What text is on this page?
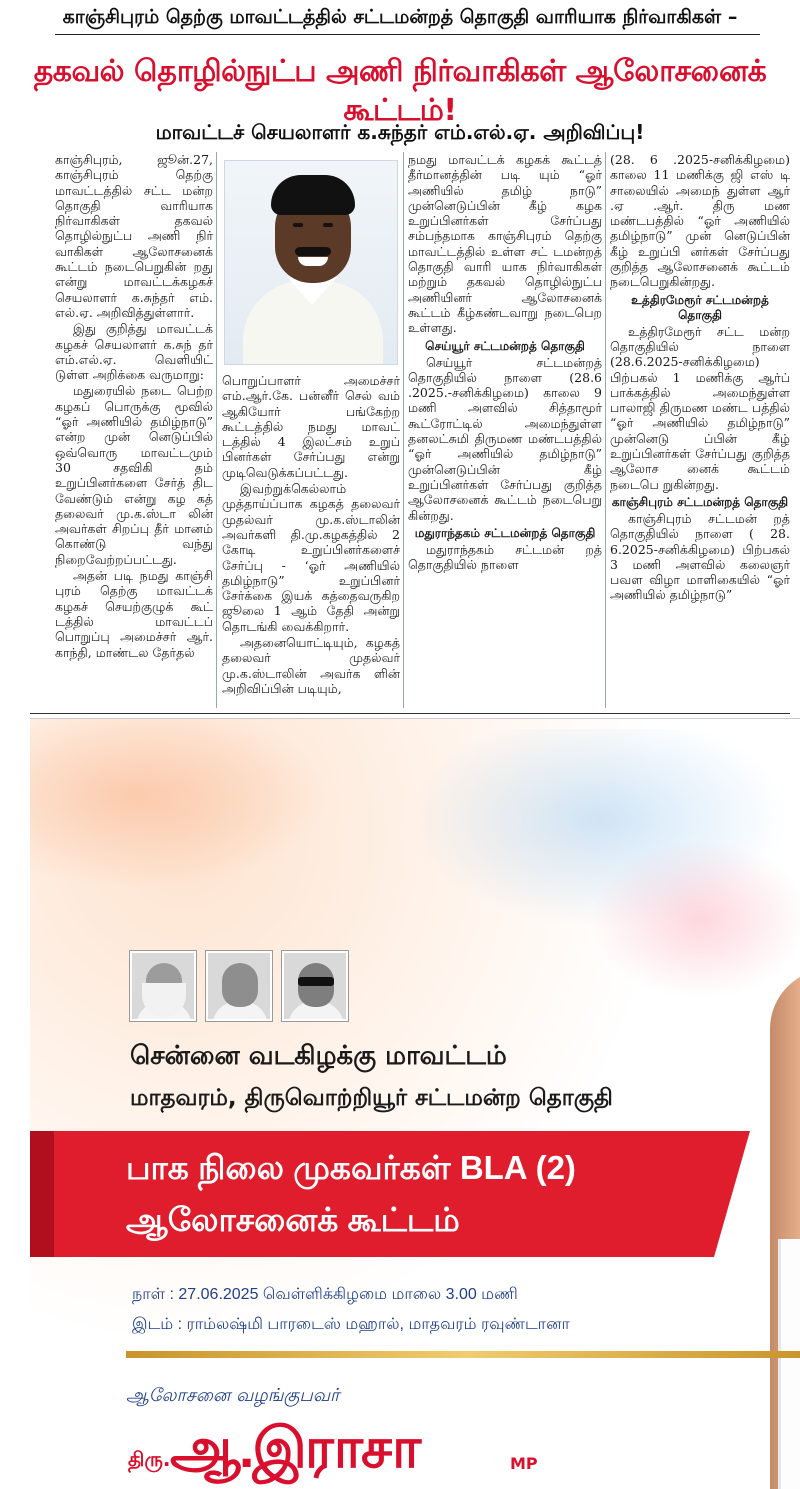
காஞ்சிபுரம் தெற்கு மாவட்டத்தில் சட்டமன்றத் தொகுதி வாரியாக நிர்வாகிகள் –
தகவல் தொழில்நுட்ப அணி நிர்வாகிகள் ஆலோசனைக் கூட்டம்!
மாவட்டச் செயலாளர் க.சுந்தர் எம்.எல்.ஏ. அறிவிப்பு!

காஞ்சிபுரம், ஜூன்.27, காஞ்சிபுரம் தெற்கு மாவட்டத்தில் சட்ட மன்ற தொகுதி வாரியாக நிர்வாகிகள் தகவல் தொழில்நுட்ப அணி நிர் வாகிகள் ஆலோசனைக் கூட்டம் நடைபெறுகின் றது என்று மாவட்டக்கழகச் செயலாளர் க.சுந்தர் எம். எல்.ஏ. அறிவித்துள்ளார்.

இது குறித்து மாவட்டக் கழகச் செயலாளர் க.சுந் தர் எம்.எல்.ஏ. வெளியிட் டுள்ள அறிக்கை வருமாறு:

மதுரையில் நடை பெற்ற கழகப் பொருக்கு மூவில் “ஓர் அணியில் தமிழ்நாடு” என்ற முன் னெடுப்பில் ஒவ்வொரு மாவட்டமும் 30 சதவிகி தம் உறுப்பினர்களை சேர்த் திட வேண்டும் என்று கழ கத் தலைவர் மு.க.ஸ்டா லின் அவர்கள் சிறப்பு தீர் மானம் கொண்டு வந்து நிறைவேற்றப்பட்டது.

அதன் படி நமது காஞ்சி புரம் தெற்கு மாவட்டக் கழகச் செயற்குழுக் கூட் டத்தில் மாவட்டப் பொறுப்பு அமைச்சர் ஆர். காந்தி, மாண்டல தேர்தல்

பொறுப்பாளர் அமைச்சர் எம்.ஆர்.கே. பன்னீர் செல் வம் ஆகியோர் பங்கேற்ற கூட்டத்தில் நமது மாவட் டத்தில் 4 இலட்சம் உறுப் பினர்கள் சேர்ப்பது என்று முடிவெடுக்கப்பட்டது.

இவற்றுக்கெல்லாம் முத்தாய்ப்பாக கழகத் தலைவர் முதல்வர் மு.க.ஸ்டாலின் அவர்களி தி.மு.கழகத்தில் 2 கோடி உறுப்பினர்களைச் சேர்ப்பு - ‘ஓர் அணியில் தமிழ்நாடு” உறுப்பினர் சேர்க்கை இயக் கத்தைவருகிற ஜூலை 1 ஆம் தேதி அன்று தொடங்கி வைக்கிறார்.

அதனையொட்டியும், கழகத் தலைவர் முதல்வர் மு.க.ஸ்டாலின் அவர்க ளின் அறிவிப்பின் படியும்,

நமது மாவட்டக் கழகக் கூட்டத் தீர்மானத்தின் படி யும் “ஓர் அணியில் தமிழ் நாடு” முன்னெடுப்பின் கீழ் கழக உறுப்பினர்கள் சேர்ப்பது சம்பந்தமாக காஞ்சிபுரம் தெற்கு மாவட்டத்தில் உள்ள சட் டமன்றத் தொகுதி வாரி யாக நிர்வாகிகள் மற்றும் தகவல் தொழில்நுட்ப அணியினர் ஆலோசனைக் கூட்டம் கீழ்கண்டவாறு நடைபெற உள்ளது.

செய்யூர் சட்டமன்றத் தொகுதி

செய்யூர் சட்டமன்றத் தொகுதியில் நாளை (28.6 .2025.-சனிக்கிழமை) காலை 9 மணி அளவில் சித்தாமூர் கூட்ரோட்டில் அமைந்துள்ள தனலட்சுமி திருமண மண்டபத்தில் “ஓர் அணியில் தமிழ்நாடு” முன்னெடுப்பின் கீழ் உறுப்பினர்கள் சேர்ப்பது குறித்த ஆலோசனைக் கூட்டம் நடைபெறு கின்றது.

மதுராந்தகம் சட்டமன்றத் தொகுதி

மதுராந்தகம் சட்டமன் றத் தொகுதியில் நாளை

(28. 6 .2025-சனிக்கிழமை) காலை 11 மணிக்கு ஜி எஸ் டி சாலையில் அமைந் துள்ள ஆர் .ஏ .ஆர். திரு மண மண்டபத்தில் “ஓர் அணியில் தமிழ்நாடு” முன் னெடுப்பின் கீழ் உறுப்பி னர்கள் சேர்ப்பது குறித்த ஆலோசனைக் கூட்டம் நடைபெறுகின்றது.

உத்திரமேரூர் சட்டமன்றத் தொகுதி

உத்திரமேரூர் சட்ட மன்ற தொகுதியில் நாளை (28.6.2025-சனிக்கிழமை) பிற்பகல் 1 மணிக்கு ஆர்ப் பாக்கத்தில் அமைந்துள்ள பாலாஜி திருமண மண்ட பத்தில் “ஓர் அணியில் தமிழ்நாடு” முன்னெடு ப்பின் கீழ் உறுப்பினர்கள் சேர்ப்பது குறித்த ஆலோச னைக் கூட்டம் நடைபெ றுகின்றது.

காஞ்சிபுரம் சட்டமன்றத் தொகுதி

காஞ்சிபுரம் சட்டமன் றத் தொகுதியில் நாளை ( 28. 6.2025-சனிக்கிழமை) பிற்பகல் 3 மணி அளவில் கலைஞர் பவள விழா மாளிகையில் “ஓர் அணியில் தமிழ்நாடு”

சென்னை வடகிழக்கு மாவட்டம்
மாதவரம், திருவொற்றியூர் சட்டமன்ற தொகுதி
பாக நிலை முகவர்கள் BLA (2)
ஆலோசனைக் கூட்டம்
நாள் : 27.06.2025 வெள்ளிக்கிழமை மாலை 3.00 மணி
இடம் : ராம்லஷ்மி பாரடைஸ் மஹால், மாதவரம் ரவுண்டானா
ஆலோசனை வழங்குபவர்
திரு. ஆ.இராசா	MP
